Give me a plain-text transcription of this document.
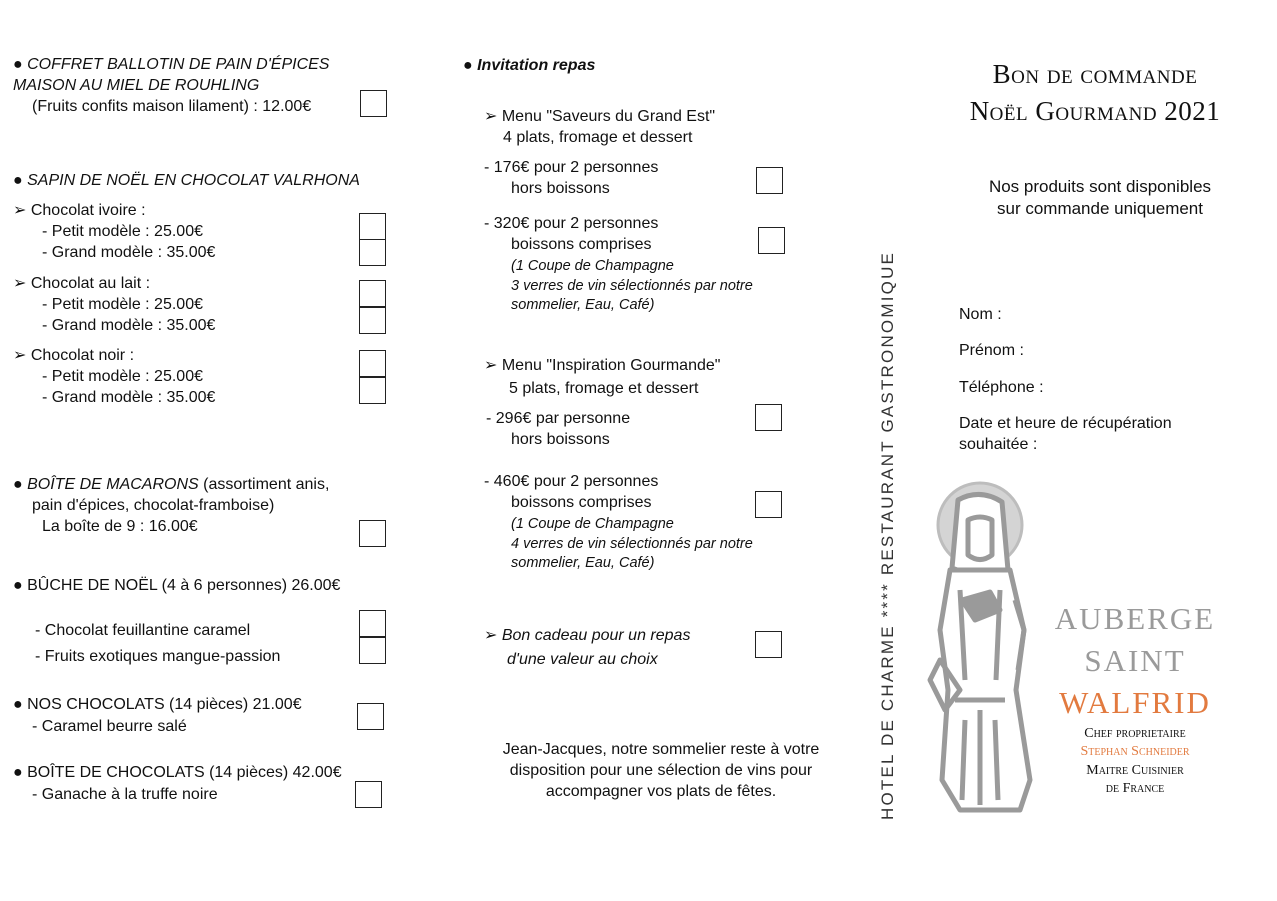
● COFFRET BALLOTIN DE PAIN D'ÉPICES
MAISON AU MIEL DE ROUHLING
(Fruits confits maison lilament) : 12.00€
● SAPIN DE NOËL EN CHOCOLAT VALRHONA
➢ Chocolat ivoire :
- Petit modèle : 25.00€
- Grand modèle : 35.00€
➢ Chocolat au lait :
- Petit modèle : 25.00€
- Grand modèle : 35.00€
➢ Chocolat noir :
- Petit modèle : 25.00€
- Grand modèle : 35.00€
● BOÎTE DE MACARONS (assortiment anis,
pain d'épices, chocolat-framboise)
La boîte de 9 : 16.00€
● BÛCHE DE NOËL (4 à 6 personnes) 26.00€
- Chocolat feuillantine caramel
- Fruits exotiques mangue-passion
● NOS CHOCOLATS (14 pièces) 21.00€
- Caramel beurre salé
● BOÎTE DE CHOCOLATS (14 pièces) 42.00€
- Ganache à la truffe noire
● Invitation repas
➢ Menu "Saveurs du Grand Est"
4 plats, fromage et dessert
- 176€ pour 2 personnes
hors boissons
- 320€ pour 2 personnes
boissons comprises
(1 Coupe de Champagne
3 verres de vin sélectionnés par notre
sommelier, Eau, Café)
➢ Menu "Inspiration Gourmande"
5 plats, fromage et dessert
- 296€ par personne
hors boissons
- 460€ pour 2 personnes
boissons comprises
(1 Coupe de Champagne
4 verres de vin sélectionnés par notre
sommelier, Eau, Café)
➢ Bon cadeau pour un repas
d'une valeur au choix
Jean-Jacques, notre sommelier reste à votre
disposition pour une sélection de vins pour
accompagner vos plats de fêtes.	HOTEL DE CHARME **** RESTAURANT GASTRONOMIQUE
Bon de commande
Noël Gourmand 2021
Nos produits sont disponibles
sur commande uniquement
Nom :
Prénom :
Téléphone :
Date et heure de récupération
souhaitée :
AUBERGE
SAINT
WALFRID
Chef proprietaire
Stephan Schneider
Maitre Cuisinier
de France
